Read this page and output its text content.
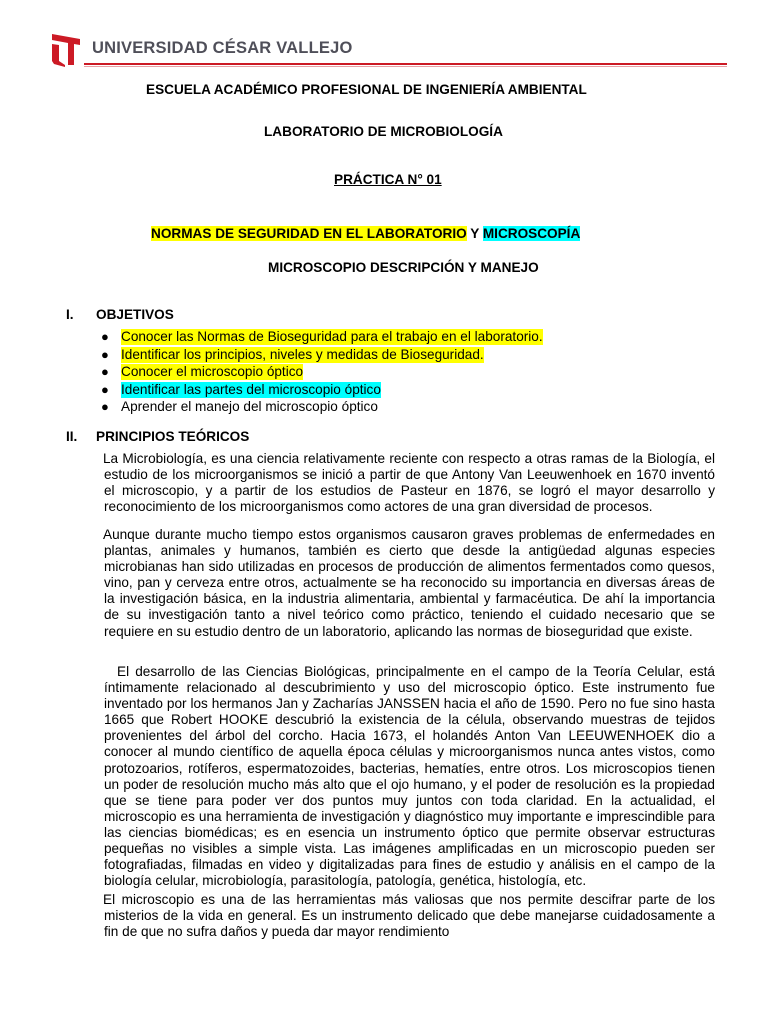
UNIVERSIDAD CÉSAR VALLEJO
ESCUELA ACADÉMICO PROFESIONAL DE INGENIERÍA AMBIENTAL
LABORATORIO DE MICROBIOLOGÍA
PRÁCTICA N° 01
NORMAS DE SEGURIDAD EN EL LABORATORIO Y MICROSCOPÍA
MICROSCOPIO DESCRIPCIÓN Y MANEJO
I. OBJETIVOS
● Conocer las Normas de Bioseguridad para el trabajo en el laboratorio.
● Identificar los principios, niveles y medidas de Bioseguridad.
● Conocer el microscopio óptico
● Identificar las partes del microscopio óptico
● Aprender el manejo del microscopio óptico
II. PRINCIPIOS TEÓRICOS

La Microbiología, es una ciencia relativamente reciente con respecto a otras ramas de la Biología, el estudio de los microorganismos se inició a partir de que Antony Van Leeuwenhoek en 1670 inventó el microscopio, y a partir de los estudios de Pasteur en 1876, se logró el mayor desarrollo y reconocimiento de los microorganismos como actores de una gran diversidad de procesos.

Aunque durante mucho tiempo estos organismos causaron graves problemas de enfermedades en plantas, animales y humanos, también es cierto que desde la antigüedad algunas especies microbianas han sido utilizadas en procesos de producción de alimentos fermentados como quesos, vino, pan y cerveza entre otros, actualmente se ha reconocido su importancia en diversas áreas de la investigación básica, en la industria alimentaria, ambiental y farmacéutica. De ahí la importancia de su investigación tanto a nivel teórico como práctico, teniendo el cuidado necesario que se requiere en su estudio dentro de un laboratorio, aplicando las normas de bioseguridad que existe.

El desarrollo de las Ciencias Biológicas, principalmente en el campo de la Teoría Celular, está íntimamente relacionado al descubrimiento y uso del microscopio óptico. Este instrumento fue inventado por los hermanos Jan y Zacharías JANSSEN hacia el año de 1590. Pero no fue sino hasta 1665 que Robert HOOKE descubrió la existencia de la célula, observando muestras de tejidos provenientes del árbol del corcho. Hacia 1673, el holandés Anton Van LEEUWENHOEK dio a conocer al mundo científico de aquella época células y microorganismos nunca antes vistos, como protozoarios, rotíferos, espermatozoides, bacterias, hematíes, entre otros. Los microscopios tienen un poder de resolución mucho más alto que el ojo humano, y el poder de resolución es la propiedad que se tiene para poder ver dos puntos muy juntos con toda claridad. En la actualidad, el microscopio es una herramienta de investigación y diagnóstico muy importante e imprescindible para las ciencias biomédicas; es en esencia un instrumento óptico que permite observar estructuras pequeñas no visibles a simple vista. Las imágenes amplificadas en un microscopio pueden ser fotografiadas, filmadas en video y digitalizadas para fines de estudio y análisis en el campo de la biología celular, microbiología, parasitología, patología, genética, histología, etc.

El microscopio es una de las herramientas más valiosas que nos permite descifrar parte de los misterios de la vida en general. Es un instrumento delicado que debe manejarse cuidadosamente a fin de que no sufra daños y pueda dar mayor rendimiento
